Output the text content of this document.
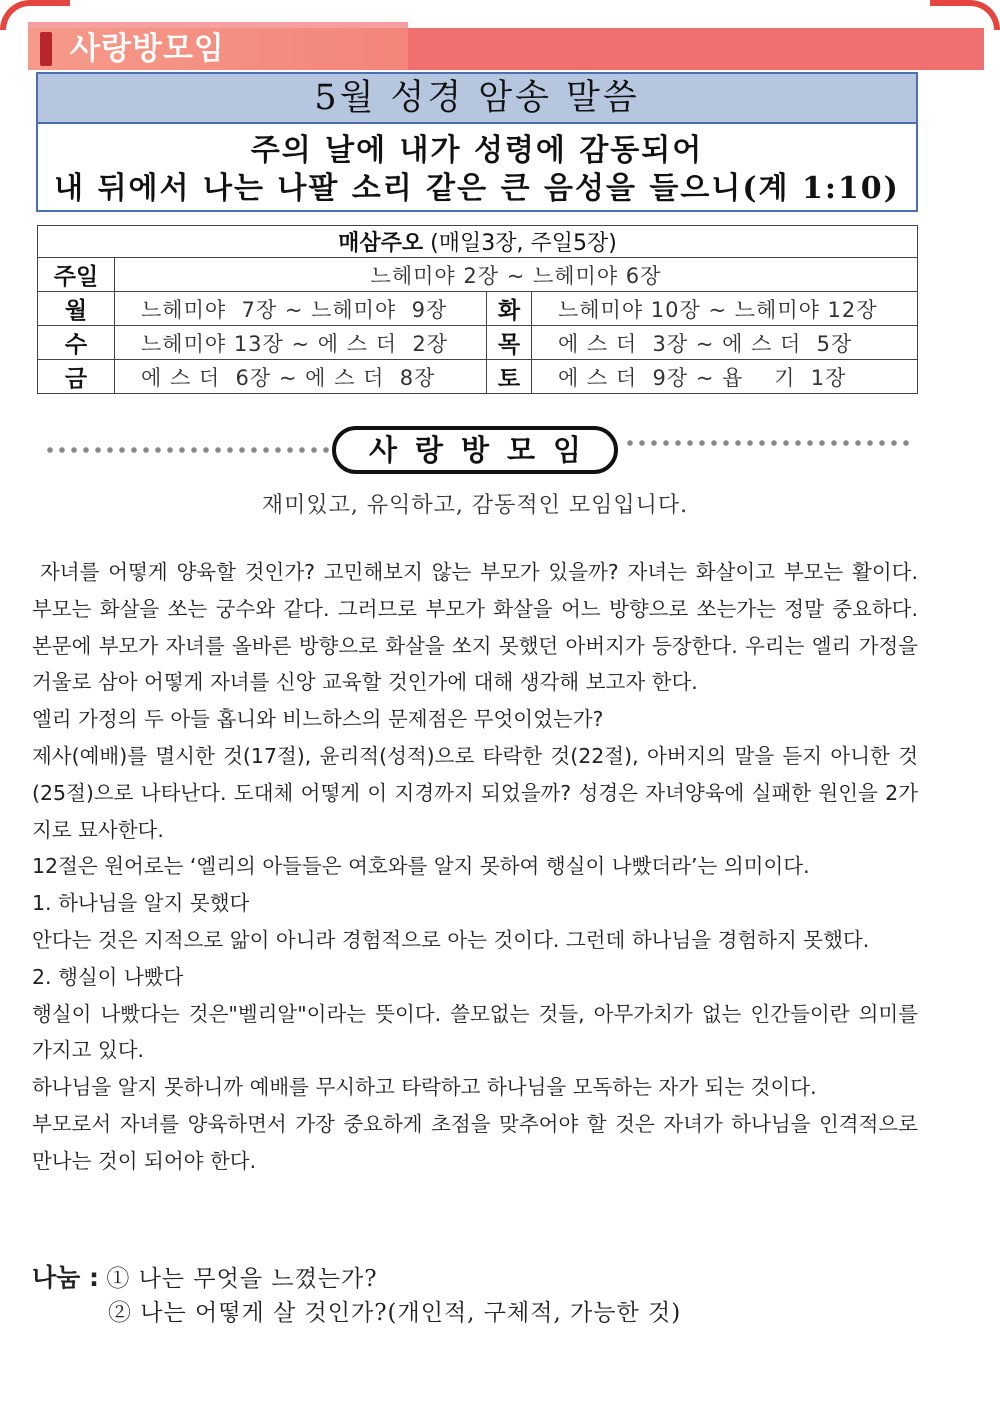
사랑방모임
5월 성경 암송 말씀
주의 날에 내가 성령에 감동되어
내 뒤에서 나는 나팔 소리 같은 큰 음성을 들으니(계 1:10)
매삼주오 (매일3장, 주일5장)			
주일	느헤미야 2장 ~ 느헤미야 6장		
월	느헤미야  7장 ~ 느헤미야  9장	화	느헤미야 10장 ~ 느헤미야 12장
수	느헤미야 13장 ~ 에 스 더  2장	목	에 스 더  3장 ~ 에 스 더  5장
금	에 스 더  6장 ~ 에 스 더  8장	토	에 스 더  9장 ~ 욥    기  1장
사랑방모임
재미있고, 유익하고, 감동적인 모임입니다.

자녀를 어떻게 양육할 것인가? 고민해보지 않는 부모가 있을까? 자녀는 화살이고 부모는 활이다. 부모는 화살을 쏘는 궁수와 같다. 그러므로 부모가 화살을 어느 방향으로 쏘는가는 정말 중요하다. 본문에 부모가 자녀를 올바른 방향으로 화살을 쏘지 못했던 아버지가 등장한다. 우리는 엘리 가정을 거울로 삼아 어떻게 자녀를 신앙 교육할 것인가에 대해 생각해 보고자 한다.

엘리 가정의 두 아들 홉니와 비느하스의 문제점은 무엇이었는가?

제사(예배)를 멸시한 것(17절), 윤리적(성적)으로 타락한 것(22절), 아버지의 말을 듣지 아니한 것(25절)으로 나타난다. 도대체 어떻게 이 지경까지 되었을까? 성경은 자녀양육에 실패한 원인을 2가지로 묘사한다.

12절은 원어로는 ‘엘리의 아들들은 여호와를 알지 못하여 행실이 나빴더라’는 의미이다.

1. 하나님을 알지 못했다

안다는 것은 지적으로 앎이 아니라 경험적으로 아는 것이다. 그런데 하나님을 경험하지 못했다.

2. 행실이 나빴다

행실이 나빴다는 것은"벨리알"이라는 뜻이다. 쓸모없는 것들, 아무가치가 없는 인간들이란 의미를 가지고 있다.

하나님을 알지 못하니까 예배를 무시하고 타락하고 하나님을 모독하는 자가 되는 것이다.

부모로서 자녀를 양육하면서 가장 중요하게 초점을 맞추어야 할 것은 자녀가 하나님을 인격적으로 만나는 것이 되어야 한다.

나눔 : ① 나는 무엇을 느꼈는가?
② 나는 어떻게 살 것인가?(개인적, 구체적, 가능한 것)
